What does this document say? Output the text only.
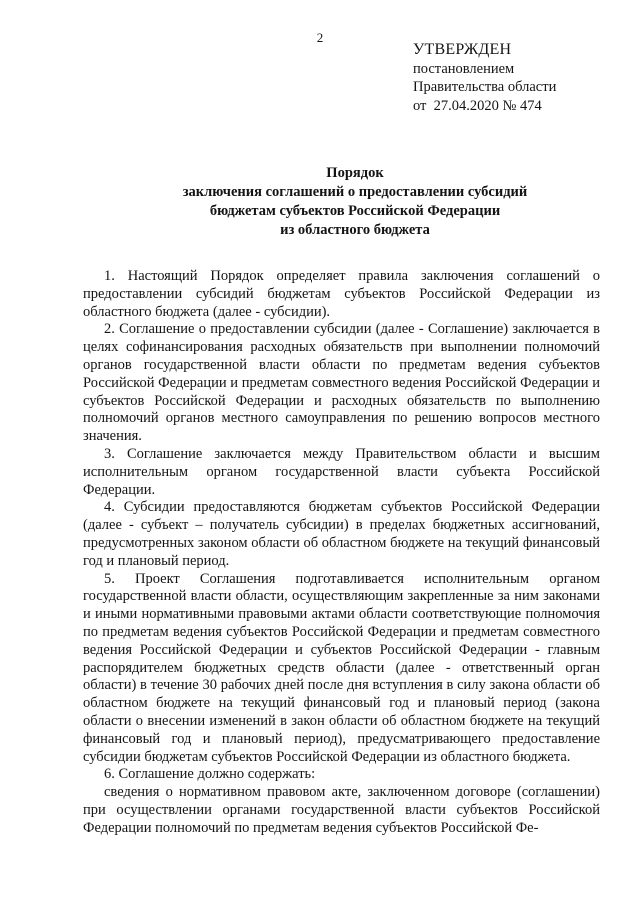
2
УТВЕРЖДЕН
постановлением
Правительства области
от  27.04.2020 № 474
Порядок
заключения соглашений о предоставлении субсидий
бюджетам субъектов Российской Федерации
из областного бюджета
1. Настоящий Порядок определяет правила заключения соглашений о предоставлении субсидий бюджетам субъектов Российской Федерации из областного бюджета (далее - субсидии).
2. Соглашение о предоставлении субсидии (далее - Соглашение) заключается в целях софинансирования расходных обязательств при выполнении полномочий органов государственной власти области по предметам ведения субъектов Российской Федерации и предметам совместного ведения Российской Федерации и субъектов Российской Федерации и расходных обязательств по выполнению полномочий органов местного самоуправления по решению вопросов местного значения.
3. Соглашение заключается между Правительством области и высшим исполнительным органом государственной власти субъекта Российской Федерации.
4. Субсидии предоставляются бюджетам субъектов Российской Федерации (далее - субъект – получатель субсидии) в пределах бюджетных ассигнований, предусмотренных законом области об областном бюджете на текущий финансовый год и плановый период.
5. Проект Соглашения подготавливается исполнительным органом государственной власти области, осуществляющим закрепленные за ним законами и иными нормативными правовыми актами области соответствующие полномочия по предметам ведения субъектов Российской Федерации и предметам совместного ведения Российской Федерации и субъектов Российской Федерации - главным распорядителем бюджетных средств области (далее - ответственный орган области) в течение 30 рабочих дней после дня вступления в силу закона области об областном бюджете на текущий финансовый год и плановый период (закона области о внесении изменений в закон области об областном бюджете на текущий финансовый год и плановый период), предусматривающего предоставление субсидии бюджетам субъектов Российской Федерации из областного бюджета.
6. Соглашение должно содержать:
сведения о нормативном правовом акте, заключенном договоре (соглашении) при осуществлении органами государственной власти субъектов Российской Федерации полномочий по предметам ведения субъектов Российской Фе-
